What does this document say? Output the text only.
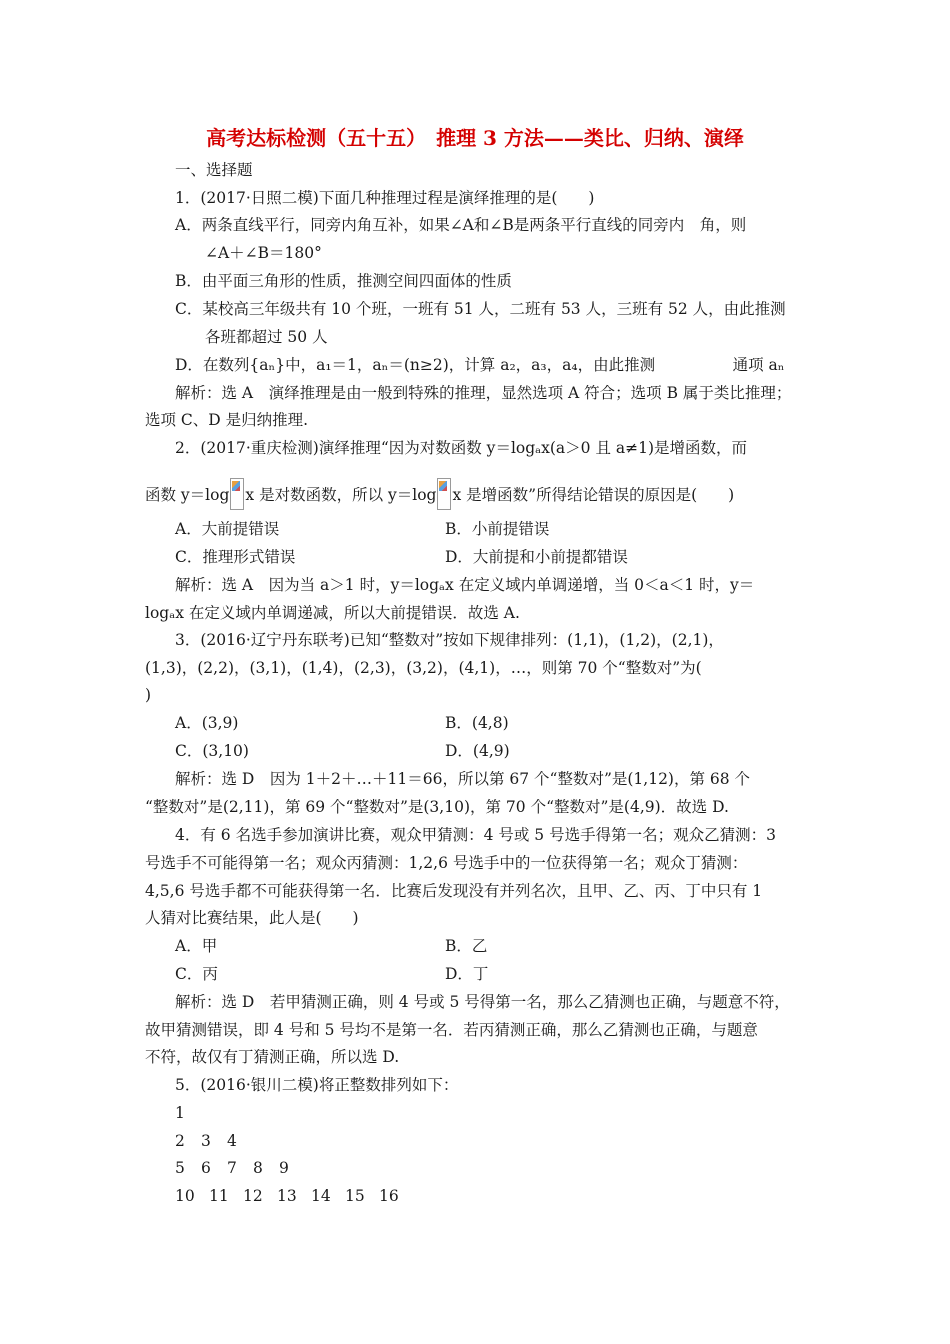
高考达标检测（五十五）　推理 3 方法——类比、归纳、演绎
一、选择题
1．(2017·日照二模)下面几种推理过程是演绎推理的是(　　)
A．两条直线平行，同旁内角互补，如果∠A和∠B是两条平行直线的同旁内　角，则
∠A＋∠B＝180°
B．由平面三角形的性质，推测空间四面体的性质
C．某校高三年级共有 10 个班，一班有 51 人，二班有 53 人，三班有 52 人，由此推测
各班都超过 50 人
D．在数列{aₙ}中，a₁＝1，aₙ＝(n≥2)，计算 a₂，a₃，a₄，由此推测　　　　　通项 aₙ
解析：选 A　演绎推理是由一般到特殊的推理，显然选项 A 符合；选项 B 属于类比推理；
选项 C、D 是归纳推理.
2．(2017·重庆检测)演绎推理“因为对数函数 y＝logₐx(a＞0 且 a≠1)是增函数，而
函数 y＝log x 是对数函数，所以 y＝log x 是增函数”所得结论错误的原因是(　　)
A．大前提错误	B．小前提错误
C．推理形式错误	D．大前提和小前提都错误
解析：选 A　因为当 a＞1 时，y＝logₐx 在定义域内单调递增，当 0＜a＜1 时，y＝
logₐx 在定义域内单调递减，所以大前提错误．故选 A.
3．(2016·辽宁丹东联考)已知“整数对”按如下规律排列：(1,1)，(1,2)，(2,1)，
(1,3)，(2,2)，(3,1)，(1,4)，(2,3)，(3,2)，(4,1)，…，则第 70 个“整数对”为(
)
A．(3,9)	B．(4,8)
C．(3,10)	D．(4,9)
解析：选 D　因为 1＋2＋…＋11＝66，所以第 67 个“整数对”是(1,12)，第 68 个
“整数对”是(2,11)，第 69 个“整数对”是(3,10)，第 70 个“整数对”是(4,9)．故选 D.
4．有 6 名选手参加演讲比赛，观众甲猜测：4 号或 5 号选手得第一名；观众乙猜测：3
号选手不可能得第一名；观众丙猜测：1,2,6 号选手中的一位获得第一名；观众丁猜测：
4,5,6 号选手都不可能获得第一名．比赛后发现没有并列名次，且甲、乙、丙、丁中只有 1
人猜对比赛结果，此人是(　　)
A．甲	B．乙
C．丙	D．丁
解析：选 D　若甲猜测正确，则 4 号或 5 号得第一名，那么乙猜测也正确，与题意不符，
故甲猜测错误，即 4 号和 5 号均不是第一名．若丙猜测正确，那么乙猜测也正确，与题意
不符，故仅有丁猜测正确，所以选 D.
5．(2016·银川二模)将正整数排列如下：
1
2 3 4
5 6 7 8 9
10 11 12 13 14 15 16
